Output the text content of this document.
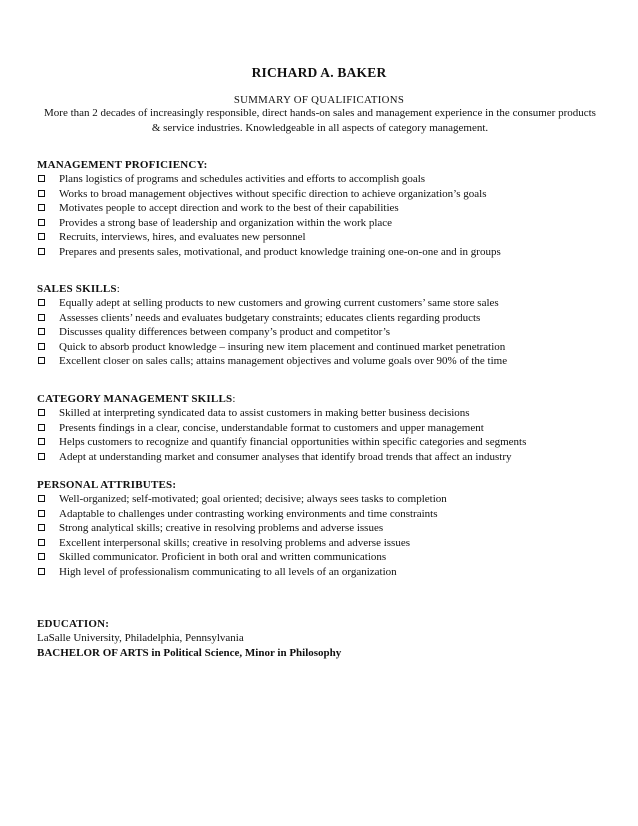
RICHARD A. BAKER
SUMMARY OF QUALIFICATIONS
More than 2 decades of increasingly responsible, direct hands-on sales and management experience in the consumer products & service industries. Knowledgeable in all aspects of category management.
MANAGEMENT PROFICIENCY:
Plans logistics of programs and schedules activities and efforts to accomplish goals
Works to broad management objectives without specific direction to achieve organization’s goals
Motivates people to accept direction and work to the best of their capabilities
Provides a strong base of leadership and organization within the work place
Recruits, interviews, hires, and evaluates new personnel
Prepares and presents sales, motivational, and product knowledge training one-on-one and in groups
SALES SKILLS:
Equally adept at selling products to new customers and growing current customers’ same store sales
Assesses clients’ needs and evaluates budgetary constraints; educates clients regarding products
Discusses quality differences between company’s product and competitor’s
Quick to absorb product knowledge – insuring new item placement and continued market penetration
Excellent closer on sales calls; attains management objectives and volume goals over 90% of the time
CATEGORY MANAGEMENT SKILLS:
Skilled at interpreting syndicated data to assist customers in making better business decisions
Presents findings in a clear, concise, understandable format to customers and upper management
Helps customers to recognize and quantify financial opportunities within specific categories and segments
Adept at understanding market and consumer analyses that identify broad trends that affect an industry
PERSONAL ATTRIBUTES:
Well-organized; self-motivated; goal oriented; decisive; always sees tasks to completion
Adaptable to challenges under contrasting working environments and time constraints
Strong analytical skills; creative in resolving problems and adverse issues
Excellent interpersonal skills; creative in resolving problems and adverse issues
Skilled communicator. Proficient in both oral and written communications
High level of professionalism communicating to all levels of an organization
EDUCATION:
LaSalle University, Philadelphia, Pennsylvania
BACHELOR OF ARTS in Political Science, Minor in Philosophy
